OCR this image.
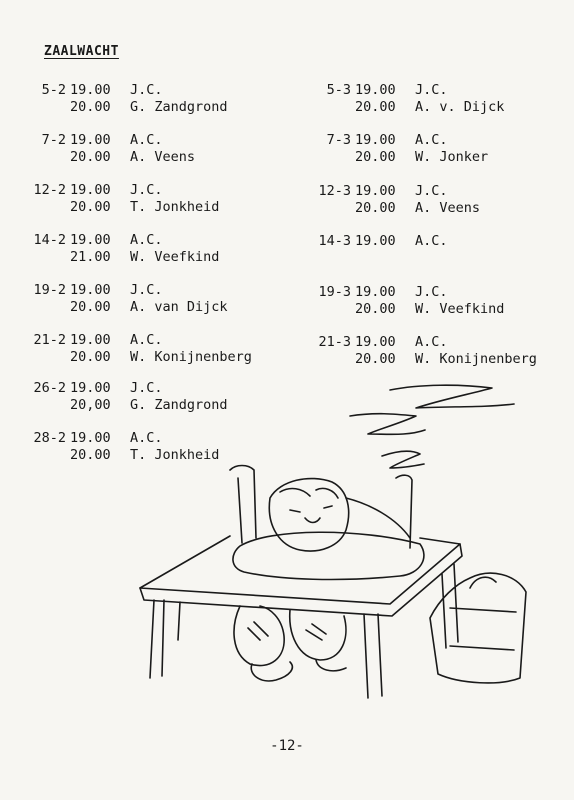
ZAALWACHT
5-2 19.00 J.C.
20.00 G. Zandgrond
7-2 19.00 A.C.
20.00 A. Veens
12-2 19.00 J.C.
20.00 T. Jonkheid
14-2 19.00 A.C.
21.00 W. Veefkind
19-2 19.00 J.C.
20.00 A. van Dijck
21-2 19.00 A.C.
20.00 W. Konijnenberg
26-2 19.00 J.C.
20,00 G. Zandgrond
28-2 19.00 A.C.
20.00 T. Jonkheid
5-3 19.00 J.C.
20.00 A. v. Dijck
7-3 19.00 A.C.
20.00 W. Jonker
12-3 19.00 J.C.
20.00 A. Veens
14-3 19.00 A.C.
19-3 19.00 J.C.
20.00 W. Veefkind
21-3 19.00 A.C.
20.00 W. Konijnenberg
-12-
